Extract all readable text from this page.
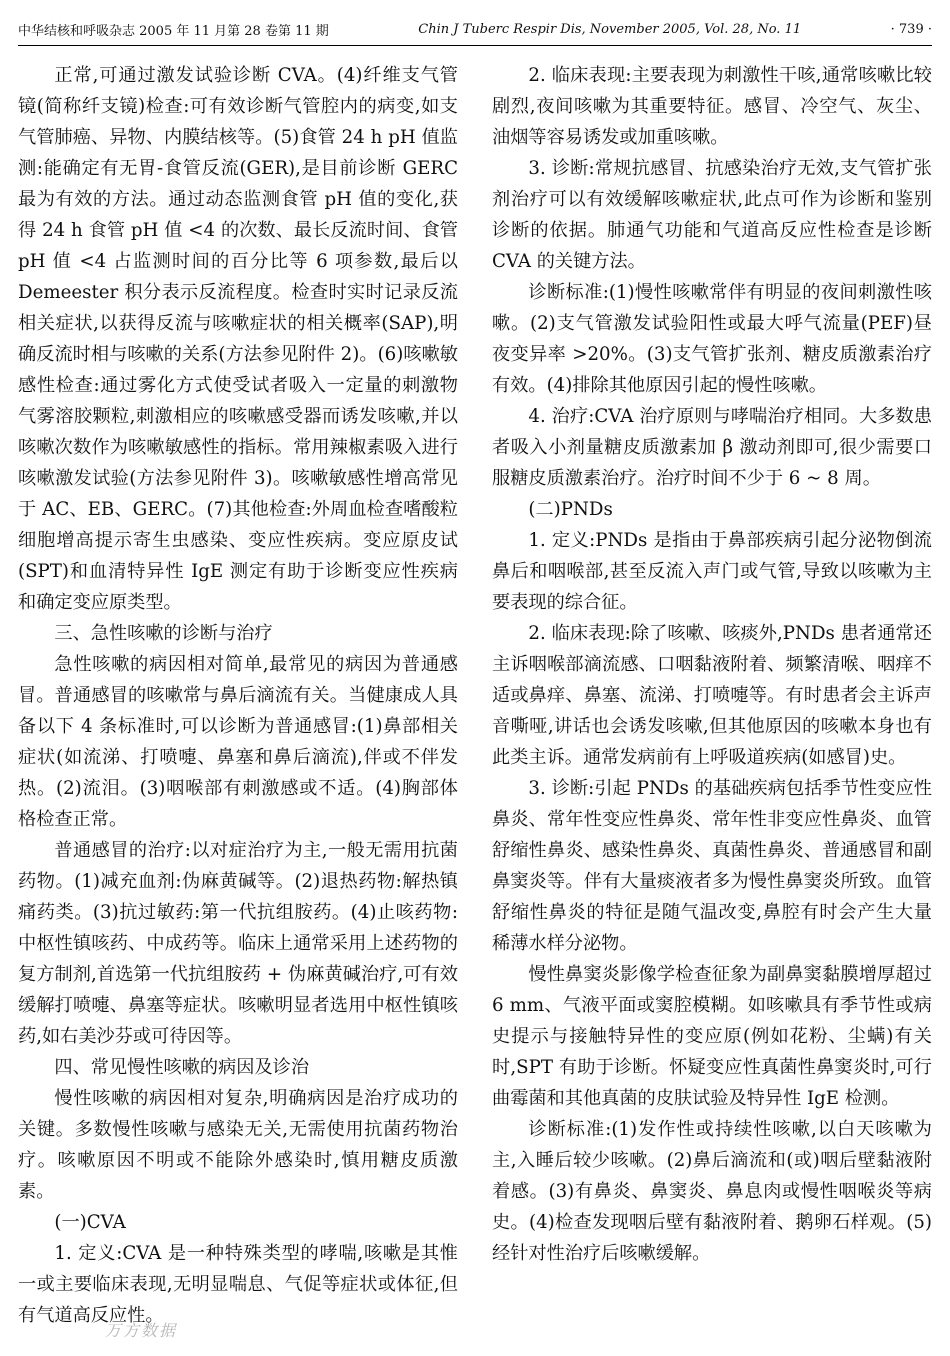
中华结核和呼吸杂志 2005 年 11 月第 28 卷第 11 期	Chin J Tuberc Respir Dis, November 2005, Vol. 28, No. 11	· 739 ·

正常,可通过激发试验诊断 CVA。(4)纤维支气管镜(简称纤支镜)检查:可有效诊断气管腔内的病变,如支气管肺癌、异物、内膜结核等。(5)食管 24 h pH 值监测:能确定有无胃-食管反流(GER),是目前诊断 GERC 最为有效的方法。通过动态监测食管 pH 值的变化,获得 24 h 食管 pH 值 <4 的次数、最长反流时间、食管 pH 值 <4 占监测时间的百分比等 6 项参数,最后以 Demeester 积分表示反流程度。检查时实时记录反流相关症状,以获得反流与咳嗽症状的相关概率(SAP),明确反流时相与咳嗽的关系(方法参见附件 2)。(6)咳嗽敏感性检查:通过雾化方式使受试者吸入一定量的刺激物气雾溶胶颗粒,刺激相应的咳嗽感受器而诱发咳嗽,并以咳嗽次数作为咳嗽敏感性的指标。常用辣椒素吸入进行咳嗽激发试验(方法参见附件 3)。咳嗽敏感性增高常见于 AC、EB、GERC。(7)其他检查:外周血检查嗜酸粒细胞增高提示寄生虫感染、变应性疾病。变应原皮试(SPT)和血清特异性 IgE 测定有助于诊断变应性疾病和确定变应原类型。

三、急性咳嗽的诊断与治疗

急性咳嗽的病因相对简单,最常见的病因为普通感冒。普通感冒的咳嗽常与鼻后滴流有关。当健康成人具备以下 4 条标准时,可以诊断为普通感冒:(1)鼻部相关症状(如流涕、打喷嚏、鼻塞和鼻后滴流),伴或不伴发热。(2)流泪。(3)咽喉部有刺激感或不适。(4)胸部体格检查正常。

普通感冒的治疗:以对症治疗为主,一般无需用抗菌药物。(1)减充血剂:伪麻黄碱等。(2)退热药物:解热镇痛药类。(3)抗过敏药:第一代抗组胺药。(4)止咳药物:中枢性镇咳药、中成药等。临床上通常采用上述药物的复方制剂,首选第一代抗组胺药 + 伪麻黄碱治疗,可有效缓解打喷嚏、鼻塞等症状。咳嗽明显者选用中枢性镇咳药,如右美沙芬或可待因等。

四、常见慢性咳嗽的病因及诊治

慢性咳嗽的病因相对复杂,明确病因是治疗成功的关键。多数慢性咳嗽与感染无关,无需使用抗菌药物治疗。咳嗽原因不明或不能除外感染时,慎用糖皮质激素。

(一)CVA

1. 定义:CVA 是一种特殊类型的哮喘,咳嗽是其惟一或主要临床表现,无明显喘息、气促等症状或体征,但有气道高反应性。

2. 临床表现:主要表现为刺激性干咳,通常咳嗽比较剧烈,夜间咳嗽为其重要特征。感冒、冷空气、灰尘、油烟等容易诱发或加重咳嗽。

3. 诊断:常规抗感冒、抗感染治疗无效,支气管扩张剂治疗可以有效缓解咳嗽症状,此点可作为诊断和鉴别诊断的依据。肺通气功能和气道高反应性检查是诊断 CVA 的关键方法。

诊断标准:(1)慢性咳嗽常伴有明显的夜间刺激性咳嗽。(2)支气管激发试验阳性或最大呼气流量(PEF)昼夜变异率 >20%。(3)支气管扩张剂、糖皮质激素治疗有效。(4)排除其他原因引起的慢性咳嗽。

4. 治疗:CVA 治疗原则与哮喘治疗相同。大多数患者吸入小剂量糖皮质激素加 β 激动剂即可,很少需要口服糖皮质激素治疗。治疗时间不少于 6 ~ 8 周。

(二)PNDs

1. 定义:PNDs 是指由于鼻部疾病引起分泌物倒流鼻后和咽喉部,甚至反流入声门或气管,导致以咳嗽为主要表现的综合征。

2. 临床表现:除了咳嗽、咳痰外,PNDs 患者通常还主诉咽喉部滴流感、口咽黏液附着、频繁清喉、咽痒不适或鼻痒、鼻塞、流涕、打喷嚏等。有时患者会主诉声音嘶哑,讲话也会诱发咳嗽,但其他原因的咳嗽本身也有此类主诉。通常发病前有上呼吸道疾病(如感冒)史。

3. 诊断:引起 PNDs 的基础疾病包括季节性变应性鼻炎、常年性变应性鼻炎、常年性非变应性鼻炎、血管舒缩性鼻炎、感染性鼻炎、真菌性鼻炎、普通感冒和副鼻窦炎等。伴有大量痰液者多为慢性鼻窦炎所致。血管舒缩性鼻炎的特征是随气温改变,鼻腔有时会产生大量稀薄水样分泌物。

慢性鼻窦炎影像学检查征象为副鼻窦黏膜增厚超过 6 mm、气液平面或窦腔模糊。如咳嗽具有季节性或病史提示与接触特异性的变应原(例如花粉、尘螨)有关时,SPT 有助于诊断。怀疑变应性真菌性鼻窦炎时,可行曲霉菌和其他真菌的皮肤试验及特异性 IgE 检测。

诊断标准:(1)发作性或持续性咳嗽,以白天咳嗽为主,入睡后较少咳嗽。(2)鼻后滴流和(或)咽后壁黏液附着感。(3)有鼻炎、鼻窦炎、鼻息肉或慢性咽喉炎等病史。(4)检查发现咽后壁有黏液附着、鹅卵石样观。(5)经针对性治疗后咳嗽缓解。

万方数据
